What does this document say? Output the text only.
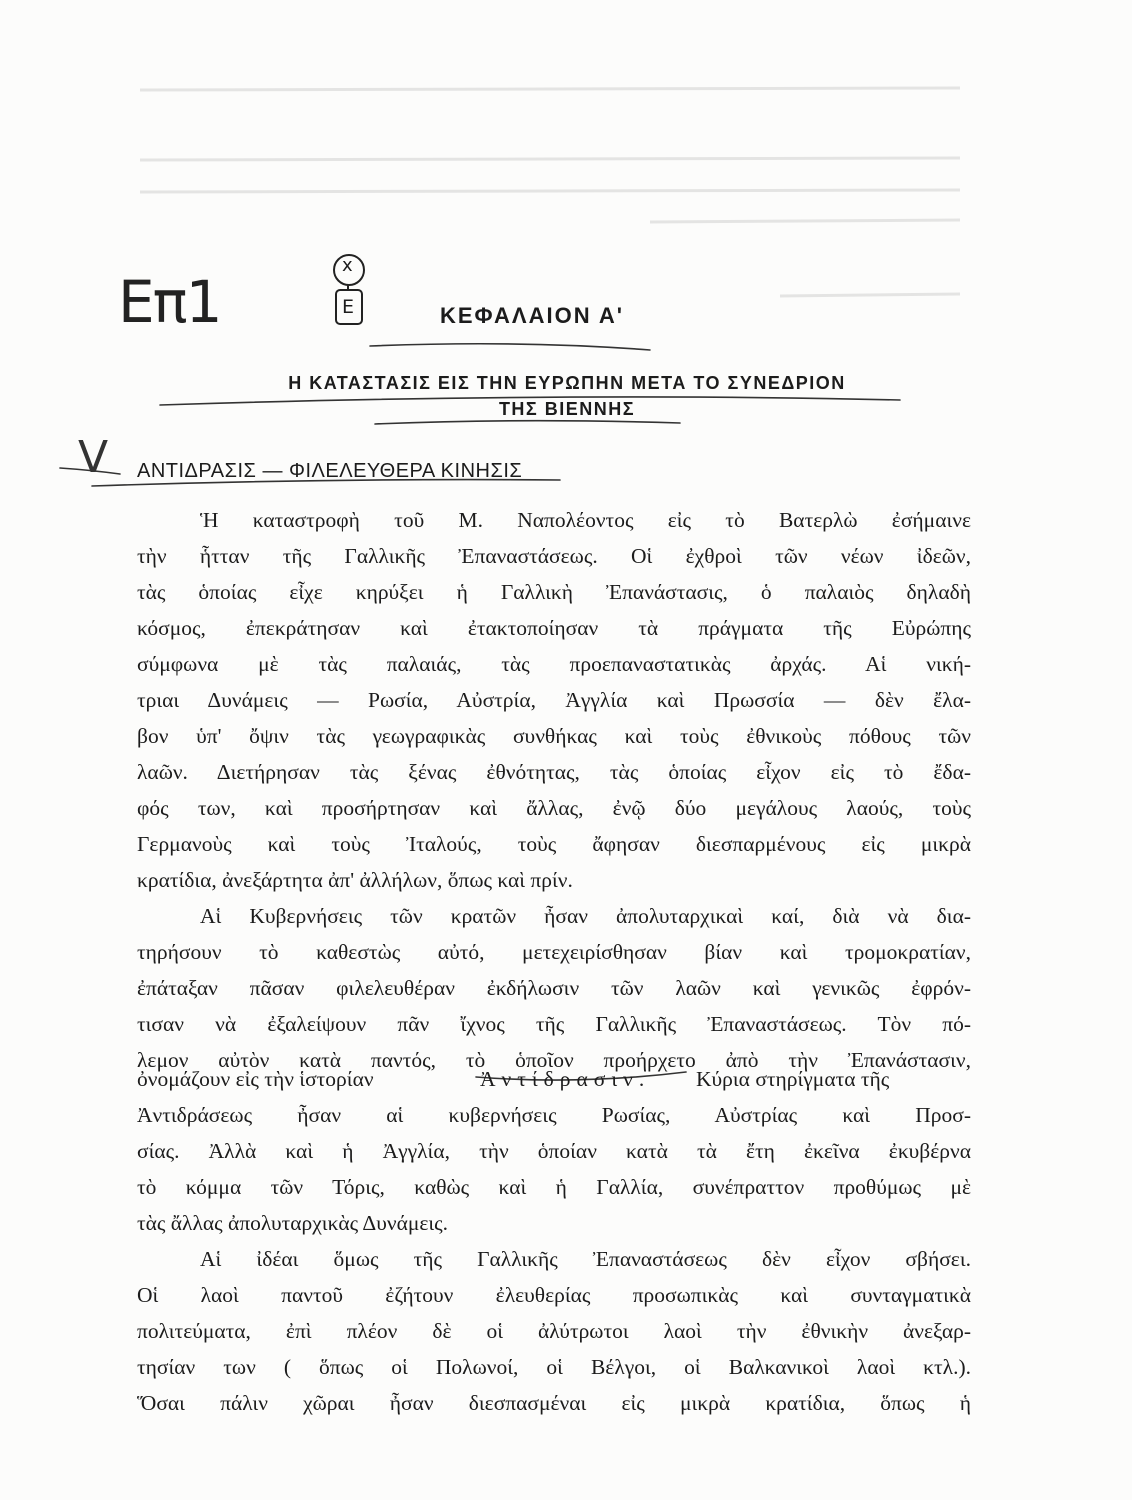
Επ1
x
E	ΚΕΦΑΛΑΙΟΝ Α'
Η ΚΑΤΑΣΤΑΣΙΣ ΕΙΣ ΤΗΝ ΕΥΡΩΠΗΝ ΜΕΤΑ ΤΟ ΣΥΝΕΔΡΙΟΝ
ΤΗΣ ΒΙΕΝΝΗΣ
V ΑΝΤΙΔΡΑΣΙΣ — ΦΙΛΕΛΕΥΘΕΡΑ ΚΙΝΗΣΙΣ
Ἡ καταστροφὴ τοῦ Μ. Ναπολέοντος εἰς τὸ Βατερλὼ ἐσήμαινε
τὴν ἧτταν τῆς Γαλλικῆς Ἐπαναστάσεως. Οἱ ἐχθροὶ τῶν νέων ἰδεῶν,
τὰς ὁποίας εἶχε κηρύξει ἡ Γαλλικὴ Ἐπανάστασις, ὁ παλαιὸς δηλαδὴ
κόσμος, ἐπεκράτησαν καὶ ἐτακτοποίησαν τὰ πράγματα τῆς Εὐρώπης
σύμφωνα μὲ τὰς παλαιάς, τὰς προεπαναστατικὰς ἀρχάς. Αἱ νική-
τριαι Δυνάμεις — Ρωσία, Αὐστρία, Ἀγγλία καὶ Πρωσσία — δὲν ἔλα-
βον ὑπ' ὄψιν τὰς γεωγραφικὰς συνθήκας καὶ τοὺς ἐθνικοὺς πόθους τῶν
λαῶν. Διετήρησαν τὰς ξένας ἐθνότητας, τὰς ὁποίας εἶχον εἰς τὸ ἔδα-
φός των, καὶ προσήρτησαν καὶ ἄλλας, ἐνῷ δύο μεγάλους λαούς, τοὺς
Γερμανοὺς καὶ τοὺς Ἰταλούς, τοὺς ἄφησαν διεσπαρμένους εἰς μικρὰ
κρατίδια, ἀνεξάρτητα ἀπ' ἀλλήλων, ὅπως καὶ πρίν.
Αἱ Κυβερνήσεις τῶν κρατῶν ἦσαν ἀπολυταρχικαὶ καί, διὰ νὰ δια-
τηρήσουν τὸ καθεστὼς αὐτό, μετεχειρίσθησαν βίαν καὶ τρομοκρατίαν,
ἐπάταξαν πᾶσαν φιλελευθέραν ἐκδήλωσιν τῶν λαῶν καὶ γενικῶς ἐφρόν-
τισαν νὰ ἐξαλείψουν πᾶν ἴχνος τῆς Γαλλικῆς Ἐπαναστάσεως. Τὸν πό-
λεμον αὐτὸν κατὰ παντός, τὸ ὁποῖον προήρχετο ἀπὸ τὴν Ἐπανάστασιν,
ὀνομάζουν εἰς τὴν ἱστορίαν	Ἀντίδρασιν. Κύρια στηρίγματα τῆς
Ἀντιδράσεως ἦσαν αἱ κυβερνήσεις Ρωσίας, Αὐστρίας καὶ Προσ-
σίας. Ἀλλὰ καὶ ἡ Ἀγγλία, τὴν ὁποίαν κατὰ τὰ ἔτη ἐκεῖνα ἐκυβέρνα
τὸ κόμμα τῶν Τόρις, καθὼς καὶ ἡ Γαλλία, συνέπραττον προθύμως μὲ
τὰς ἄλλας ἀπολυταρχικὰς Δυνάμεις.
Αἱ ἰδέαι ὅμως τῆς Γαλλικῆς Ἐπαναστάσεως δὲν εἶχον σβήσει.
Οἱ λαοὶ παντοῦ ἐζήτουν ἐλευθερίας προσωπικὰς καὶ συνταγματικὰ
πολιτεύματα, ἐπὶ πλέον δὲ οἱ ἀλύτρωτοι λαοὶ τὴν ἐθνικὴν ἀνεξαρ-
τησίαν των ( ὅπως οἱ Πολωνοί, οἱ Βέλγοι, οἱ Βαλκανικοὶ λαοὶ κτλ.).
Ὅσαι πάλιν χῶραι ἦσαν διεσπασμέναι εἰς μικρὰ κρατίδια, ὅπως ἡ
